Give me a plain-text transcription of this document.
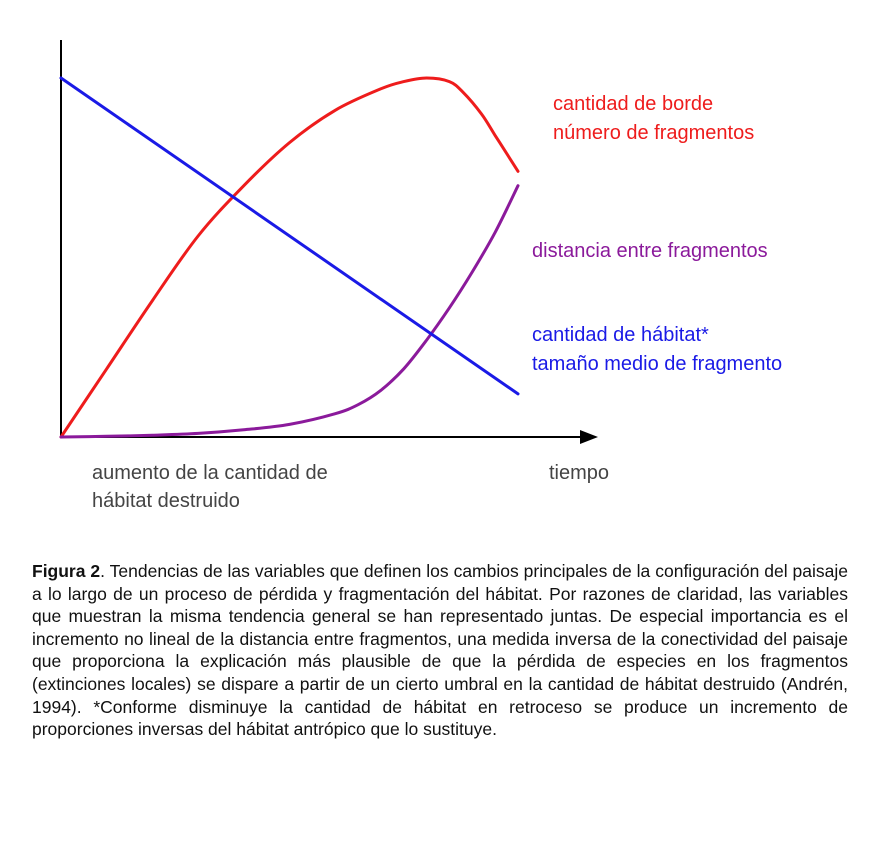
cantidad de borde
número de fragmentos
distancia entre fragmentos
cantidad de hábitat*
tamaño medio de fragmento
aumento de la cantidad de
hábitat destruido
tiempo
Figura 2. Tendencias de las variables que definen los cambios principales de la configuración del paisaje a lo largo de un proceso de pérdida y fragmentación del hábitat. Por razones de claridad, las variables que muestran la misma tendencia general se han representado juntas. De especial importancia es el incremento no lineal de la distancia entre fragmentos, una medida inversa de la conectividad del paisaje que proporciona la explicación más plausible de que la pérdida de especies en los fragmentos (extinciones locales) se dispare a partir de un cierto umbral en la cantidad de hábitat destruido (Andrén, 1994). *Conforme disminuye la cantidad de hábitat en retroceso se produce un incremento de proporciones inversas del hábitat antrópico que lo sustituye.
